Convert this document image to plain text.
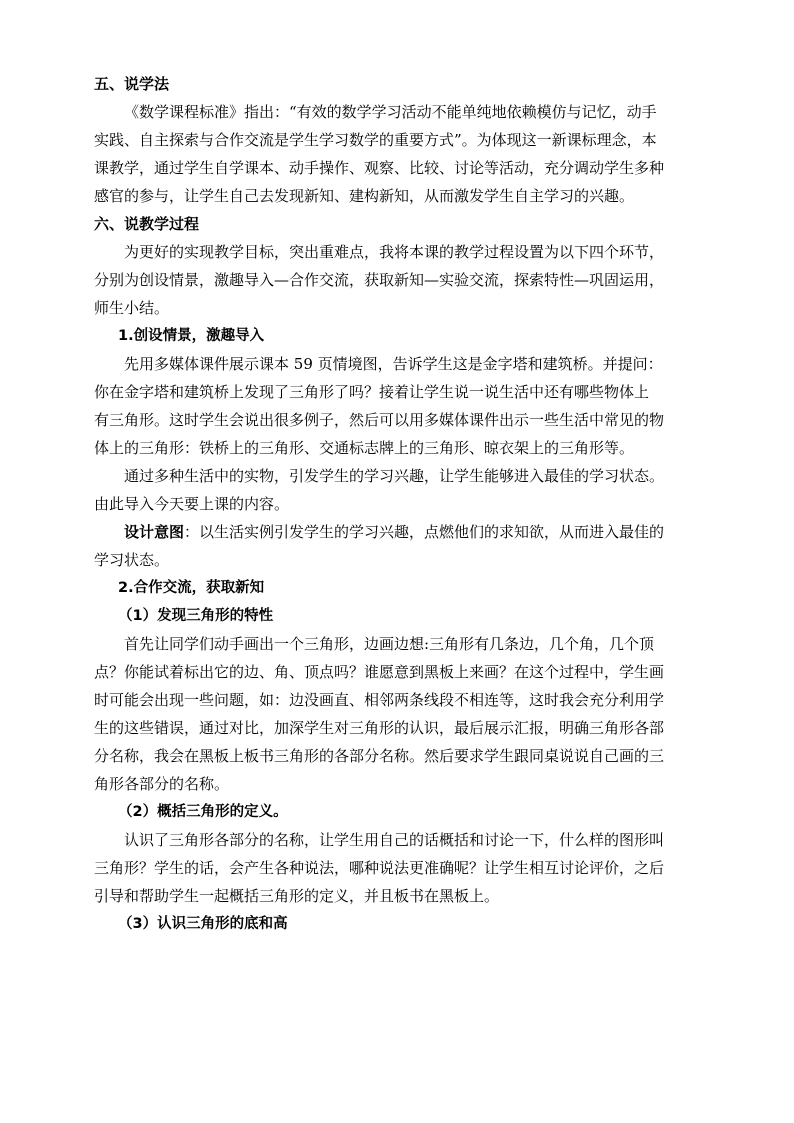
五、说学法
《数学课程标准》指出：“有效的数学学习活动不能单纯地依赖模仿与记忆，动手
实践、自主探索与合作交流是学生学习数学的重要方式”。为体现这一新课标理念，本
课教学，通过学生自学课本、动手操作、观察、比较、讨论等活动，充分调动学生多种
感官的参与，让学生自己去发现新知、建构新知，从而激发学生自主学习的兴趣。
六、说教学过程
为更好的实现教学目标，突出重难点，我将本课的教学过程设置为以下四个环节，
分别为创设情景，激趣导入—合作交流，获取新知—实验交流，探索特性—巩固运用，
师生小结。
1.创设情景，激趣导入
先用多媒体课件展示课本 59 页情境图，告诉学生这是金字塔和建筑桥。并提问：
你在金字塔和建筑桥上发现了三角形了吗？接着让学生说一说生活中还有哪些物体上
有三角形。这时学生会说出很多例子，然后可以用多媒体课件出示一些生活中常见的物
体上的三角形：铁桥上的三角形、交通标志牌上的三角形、晾衣架上的三角形等。
通过多种生活中的实物，引发学生的学习兴趣，让学生能够进入最佳的学习状态。
由此导入今天要上课的内容。
设计意图：以生活实例引发学生的学习兴趣，点燃他们的求知欲，从而进入最佳的
学习状态。
2.合作交流，获取新知
（1）发现三角形的特性
首先让同学们动手画出一个三角形，边画边想:三角形有几条边，几个角，几个顶
点？你能试着标出它的边、角、顶点吗？谁愿意到黑板上来画？在这个过程中，学生画
时可能会出现一些问题，如：边没画直、相邻两条线段不相连等，这时我会充分利用学
生的这些错误，通过对比，加深学生对三角形的认识，最后展示汇报，明确三角形各部
分名称，我会在黑板上板书三角形的各部分名称。然后要求学生跟同桌说说自己画的三
角形各部分的名称。
（2）概括三角形的定义。
认识了三角形各部分的名称，让学生用自己的话概括和讨论一下，什么样的图形叫
三角形？学生的话，会产生各种说法，哪种说法更准确呢？让学生相互讨论评价，之后
引导和帮助学生一起概括三角形的定义，并且板书在黑板上。
（3）认识三角形的底和高
